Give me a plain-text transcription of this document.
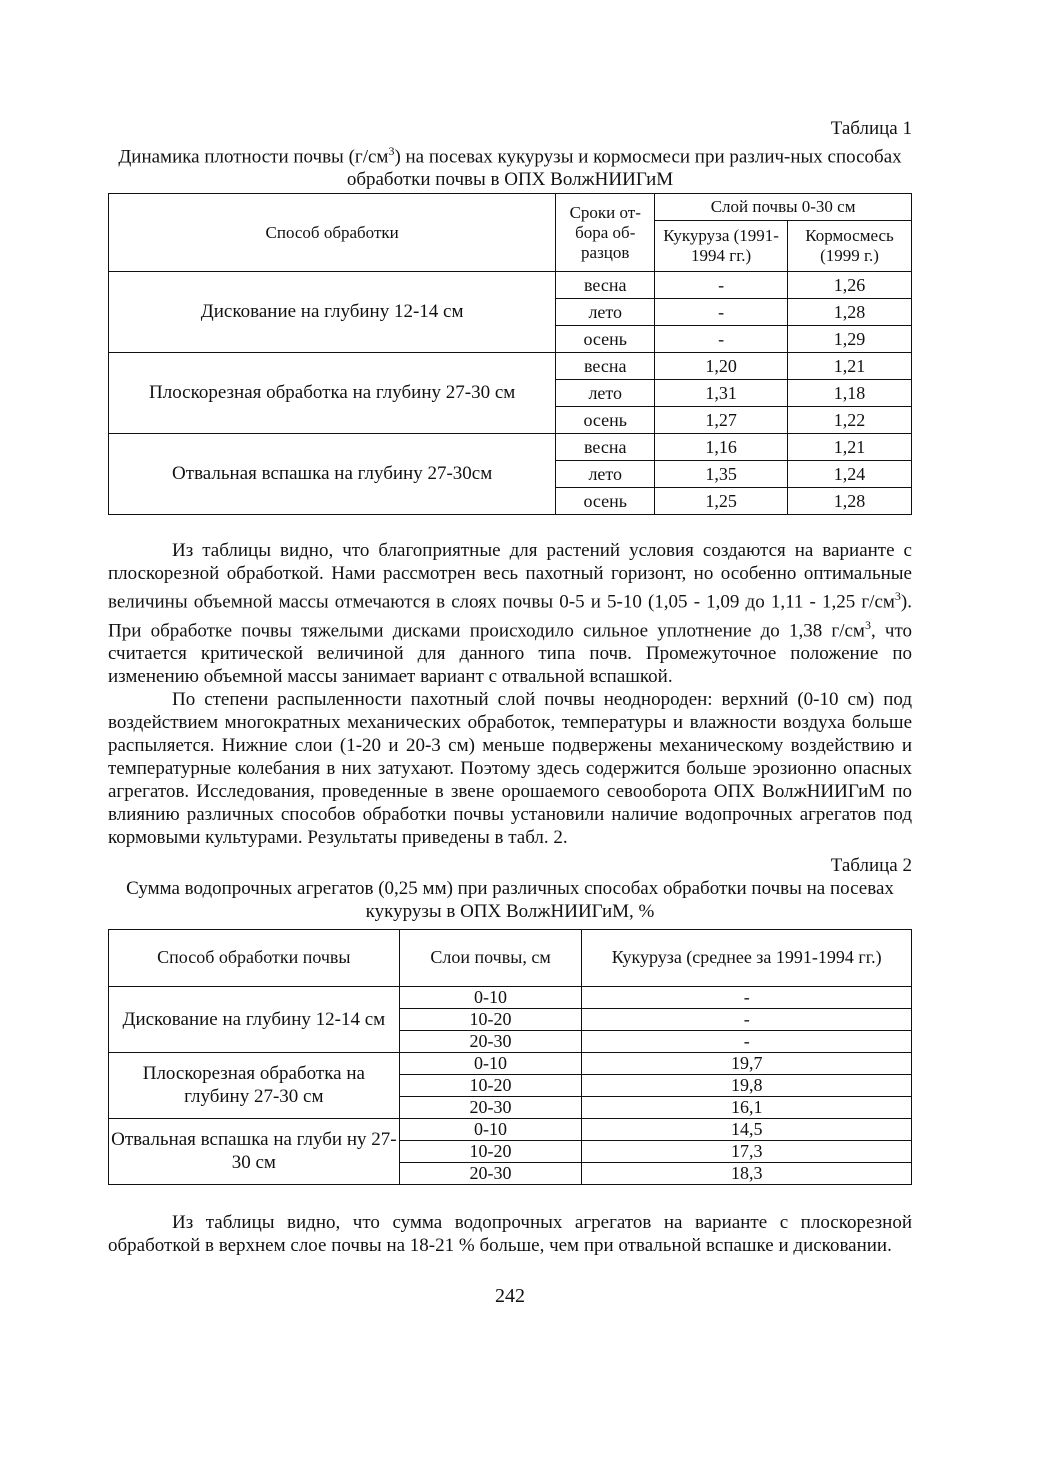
Таблица 1
Динамика плотности почвы $(г/см^3)$ на посевах кукурузы и кормосмеси при различ-ных способах обработки почвы в ОПХ ВолжНИИГиМ
Способ обработки	Сроки от-бора об-разцов	Слой почвы 0-30 см	
		Кукуруза (1991-1994 гг.)	Кормосмесь (1999 г.)
Дискование на глубину 12-14 см	весна	-	1,26
	лето	-	1,28
	осень	-	1,29
Плоскорезная обработка на глубину 27-30 см	весна	1,20	1,21
	лето	1,31	1,18
	осень	1,27	1,22
Отвальная вспашка на глубину 27-30см	весна	1,16	1,21
	лето	1,35	1,24
	осень	1,25	1,28

Из таблицы видно, что благоприятные для растений условия создаются на варианте с плоскорезной обработкой. Нами рассмотрен весь пахотный горизонт, но особенно оптимальные величины объемной массы отмечаются в слоях почвы 0-5 и 5-10 (1,05 - 1,09 до 1,11 - 1,25 $г/см^3$). При обработке почвы тяжелыми дисками происходило сильное уплотнение до 1,38 $г/см^3$, что считается критической величиной для данного типа почв. Промежуточное положение по изменению объемной массы занимает вариант с отвальной вспашкой.

По степени распыленности пахотный слой почвы неоднороден: верхний (0-10 см) под воздействием многократных механических обработок, температуры и влажности воздуха больше распыляется. Нижние слои (1-20 и 20-3 см) меньше подвержены механическому воздействию и температурные колебания в них затухают. Поэтому здесь содержится больше эрозионно опасных агрегатов. Исследования, проведенные в звене орошаемого севооборота ОПХ ВолжНИИГиМ по влиянию различных способов обработки почвы установили наличие водопрочных агрегатов под кормовыми культурами. Результаты приведены в табл. 2.

Таблица 2
Сумма водопрочных агрегатов (0,25 мм) при различных способах обработки почвы на посевах кукурузы в ОПХ ВолжНИИГиМ, %
Способ обработки почвы	Слои почвы, см	Кукуруза (среднее за 1991-1994 гг.)
Дискование на глубину 12-14 см	0-10	-
	10-20	-
	20-30	-
Плоскорезная обработка на глубину 27-30 см	0-10	19,7
	10-20	19,8
	20-30	16,1
Отвальная вспашка на глуби ну 27-30 см	0-10	14,5
	10-20	17,3
	20-30	18,3

Из таблицы видно, что сумма водопрочных агрегатов на варианте с плоскорезной обработкой в верхнем слое почвы на 18-21 % больше, чем при отвальной вспашке и дисковании.

242
